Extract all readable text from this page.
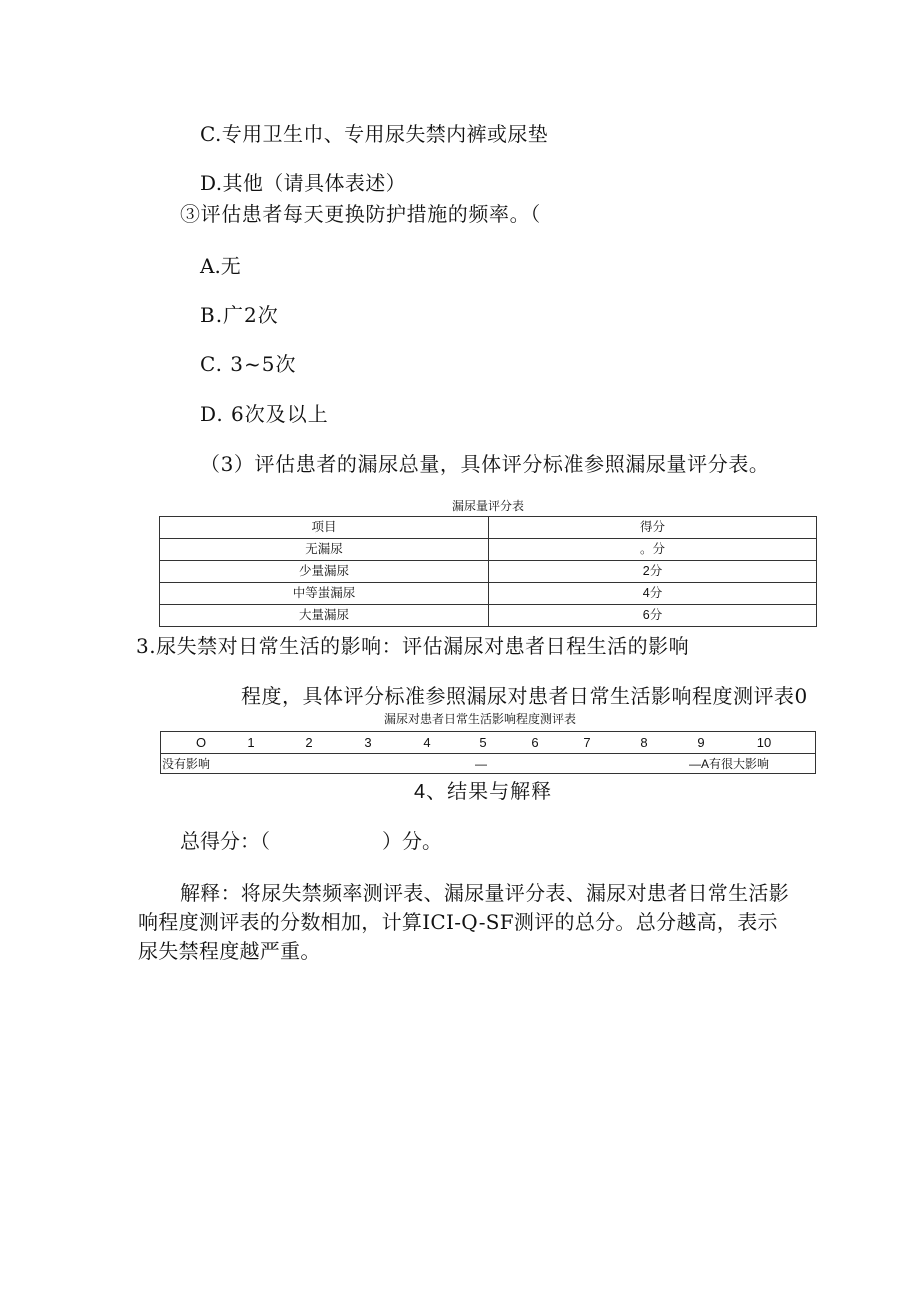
C.专用卫生巾、专用尿失禁内裤或尿垫
D.其他（请具体表述）
③评估患者每天更换防护措施的频率。（
A.无
B.广2次
C. 3~5次
D. 6次及以上
（3）评估患者的漏尿总量，具体评分标准参照漏尿量评分表。
漏尿量评分表
项目	得分
无漏尿	。分
少量漏尿	2分
中等蚩漏尿	4分
大量漏尿	6分
3.尿失禁对日常生活的影响：评估漏尿对患者日程生活的影响
程度，具体评分标准参照漏尿对患者日常生活影响程度测评表0
漏尿对患者日常生活影响程度测评表
O	1	2	3	4	5	6	7	8	9	10
没有影响	—	—A有很大影响
4、结果与解释
总得分：（	）分。
解释：将尿失禁频率测评表、漏尿量评分表、漏尿对患者日常生活影
响程度测评表的分数相加，计算ICI-Q-SF测评的总分。总分越高，表示
尿失禁程度越严重。
